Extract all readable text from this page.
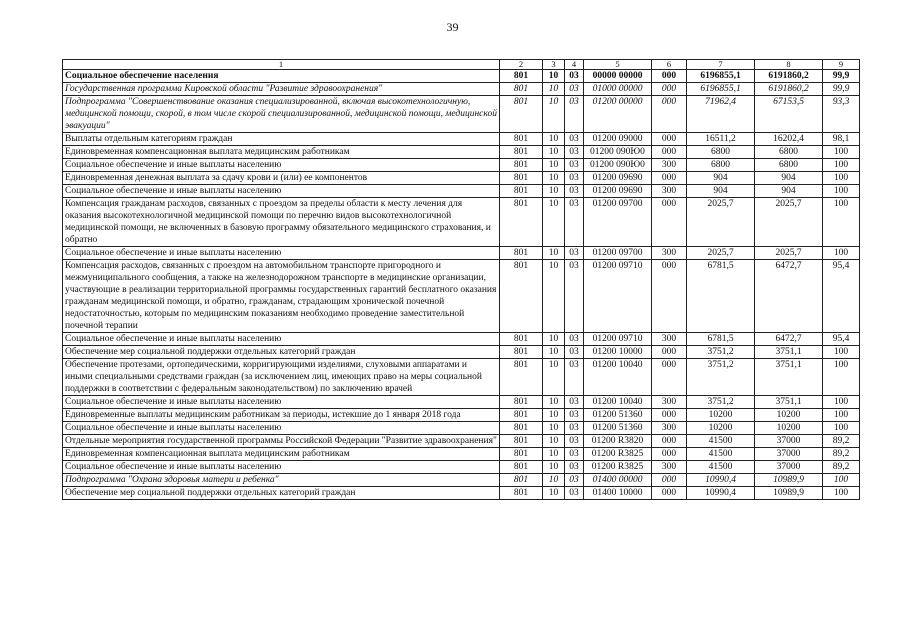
39
1	2	3	4	5	6	7	8	9
Социальное обеспечение населения	801	10	03	00000 00000	000	6196855,1	6191860,2	99,9
Государственная программа Кировской области "Развитие здравоохранения"	801	10	03	01000 00000	000	6196855,1	6191860,2	99,9
Подпрограмма "Совершенствование оказания специализированной, включая высокотехнологичную, медицинской помощи, скорой, в том числе скорой специализированной, медицинской помощи, медицинской эвакуации"	801	10	03	01200 00000	000	71962,4	67153,5	93,3
Выплаты отдельным категориям граждан	801	10	03	01200 09000	000	16511,2	16202,4	98,1
Единовременная компенсационная выплата медицинским работникам	801	10	03	01200 090Ю0	000	6800	6800	100
Социальное обеспечение и иные выплаты населению	801	10	03	01200 090Ю0	300	6800	6800	100
Единовременная денежная выплата за сдачу крови и (или) ее компонентов	801	10	03	01200 09690	000	904	904	100
Социальное обеспечение и иные выплаты населению	801	10	03	01200 09690	300	904	904	100
Компенсация гражданам расходов, связанных с проездом за пределы области к месту лечения для оказания высокотехнологичной медицинской помощи по перечню видов высокотехнологичной медицинской помощи, не включенных в базовую программу обязательного медицинского страхования, и обратно	801	10	03	01200 09700	000	2025,7	2025,7	100
Социальное обеспечение и иные выплаты населению	801	10	03	01200 09700	300	2025,7	2025,7	100
Компенсация расходов, связанных с проездом на автомобильном транспорте пригородного и межмуниципального сообщения, а также на железнодорожном транспорте в медицинские организации, участвующие в реализации территориальной программы государственных гарантий бесплатного оказания гражданам медицинской помощи, и обратно, гражданам, страдающим хронической почечной недостаточностью, которым по медицинским показаниям необходимо проведение заместительной почечной терапии	801	10	03	01200 09710	000	6781,5	6472,7	95,4
Социальное обеспечение и иные выплаты населению	801	10	03	01200 09710	300	6781,5	6472,7	95,4
Обеспечение мер социальной поддержки отдельных категорий граждан	801	10	03	01200 10000	000	3751,2	3751,1	100
Обеспечение протезами, ортопедическими, корригирующими изделиями, слуховыми аппаратами и иными специальными средствами граждан (за исключением лиц, имеющих право на меры социальной поддержки в соответствии с федеральным законодательством) по заключению врачей	801	10	03	01200 10040	000	3751,2	3751,1	100
Социальное обеспечение и иные выплаты населению	801	10	03	01200 10040	300	3751,2	3751,1	100
Единовременные выплаты медицинским работникам за периоды, истекшие до 1 января 2018 года	801	10	03	01200 51360	000	10200	10200	100
Социальное обеспечение и иные выплаты населению	801	10	03	01200 51360	300	10200	10200	100
Отдельные мероприятия государственной программы Российской Федерации "Развитие здравоохранения"	801	10	03	01200 R3820	000	41500	37000	89,2
Единовременная компенсационная выплата медицинским работникам	801	10	03	01200 R3825	000	41500	37000	89,2
Социальное обеспечение и иные выплаты населению	801	10	03	01200 R3825	300	41500	37000	89,2
Подпрограмма "Охрана здоровья матери и ребенка"	801	10	03	01400 00000	000	10990,4	10989,9	100
Обеспечение мер социальной поддержки отдельных категорий граждан	801	10	03	01400 10000	000	10990,4	10989,9	100
